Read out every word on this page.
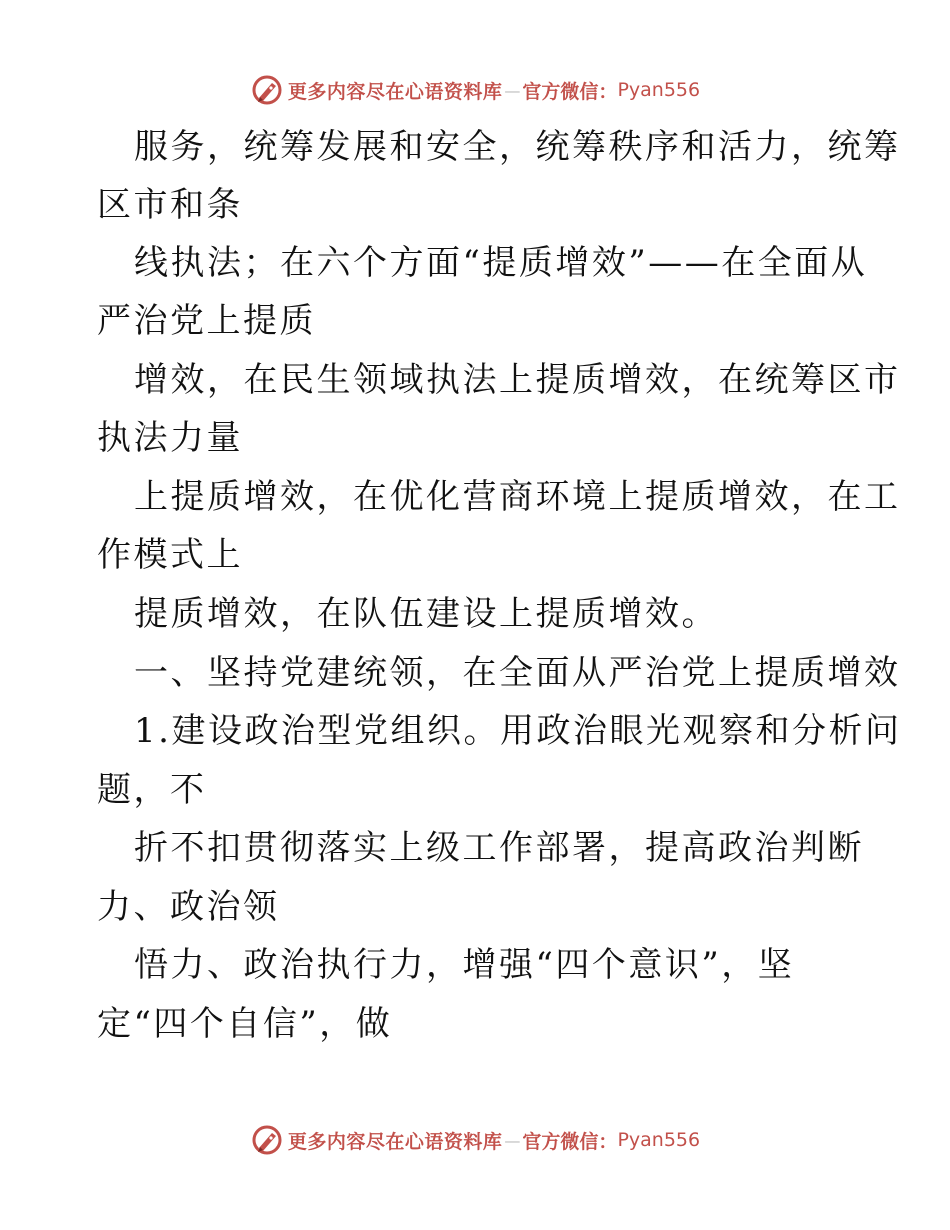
更多内容尽在心语资料库 — 官方微信： Pyan556
服务，统筹发展和安全，统筹秩序和活力，统筹
区市和条
线执法；在六个方面“提质增效”——在全面从
严治党上提质
增效，在民生领域执法上提质增效，在统筹区市
执法力量
上提质增效，在优化营商环境上提质增效，在工
作模式上
提质增效，在队伍建设上提质增效。
一、坚持党建统领，在全面从严治党上提质增效
1.建设政治型党组织。用政治眼光观察和分析问
题，不
折不扣贯彻落实上级工作部署，提高政治判断
力、政治领
悟力、政治执行力，增强“四个意识”，坚
定“四个自信”，做
更多内容尽在心语资料库 — 官方微信： Pyan556
